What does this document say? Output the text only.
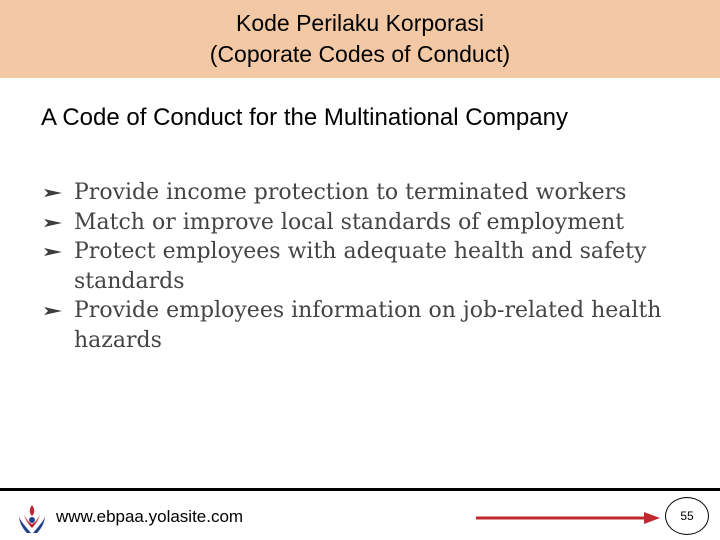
Kode Perilaku Korporasi
(Coporate Codes of Conduct)
A Code of Conduct for the Multinational Company
Provide income protection to terminated workers
Match or improve local standards of employment
Protect employees with adequate health and safety standards
Provide employees information on job-related health hazards
www.ebpaa.yolasite.com	55
